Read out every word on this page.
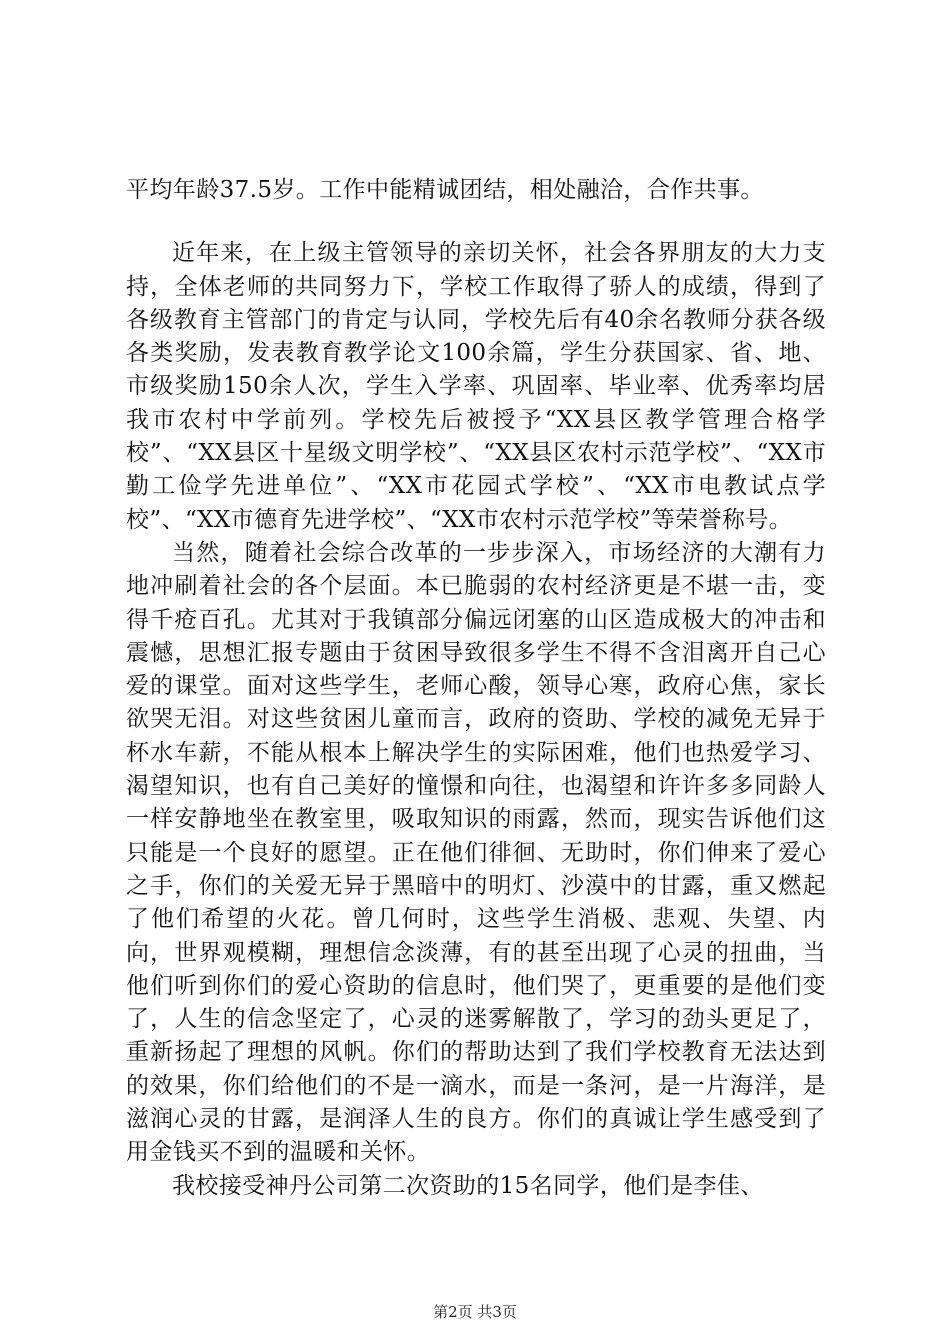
平均年龄37.5岁。工作中能精诚团结，相处融洽，合作共事。

近年来，在上级主管领导的亲切关怀，社会各界朋友的大力支持，全体老师的共同努力下，学校工作取得了骄人的成绩，得到了各级教育主管部门的肯定与认同，学校先后有40余名教师分获各级各类奖励，发表教育教学论文100余篇，学生分获国家、省、地、市级奖励150余人次，学生入学率、巩固率、毕业率、优秀率均居我市农村中学前列。学校先后被授予“XX县区教学管理合格学校”、“XX县区十星级文明学校”、“XX县区农村示范学校”、“XX市勤工俭学先进单位”、“XX市花园式学校”、“XX市电教试点学校”、“XX市德育先进学校”、“XX市农村示范学校”等荣誉称号。

当然，随着社会综合改革的一步步深入，市场经济的大潮有力地冲刷着社会的各个层面。本已脆弱的农村经济更是不堪一击，变得千疮百孔。尤其对于我镇部分偏远闭塞的山区造成极大的冲击和震憾，思想汇报专题由于贫困导致很多学生不得不含泪离开自己心爱的课堂。面对这些学生，老师心酸，领导心寒，政府心焦，家长欲哭无泪。对这些贫困儿童而言，政府的资助、学校的减免无异于杯水车薪，不能从根本上解决学生的实际困难，他们也热爱学习、渴望知识，也有自己美好的憧憬和向往，也渴望和许许多多同龄人一样安静地坐在教室里，吸取知识的雨露，然而，现实告诉他们这只能是一个良好的愿望。正在他们徘徊、无助时，你们伸来了爱心之手，你们的关爱无异于黑暗中的明灯、沙漠中的甘露，重又燃起了他们希望的火花。曾几何时，这些学生消极、悲观、失望、内向，世界观模糊，理想信念淡薄，有的甚至出现了心灵的扭曲，当他们听到你们的爱心资助的信息时，他们哭了，更重要的是他们变了，人生的信念坚定了，心灵的迷雾解散了，学习的劲头更足了，重新扬起了理想的风帆。你们的帮助达到了我们学校教育无法达到的效果，你们给他们的不是一滴水，而是一条河，是一片海洋，是滋润心灵的甘露，是润泽人生的良方。你们的真诚让学生感受到了用金钱买不到的温暖和关怀。

我校接受神丹公司第二次资助的15名同学，他们是李佳、

第2页 共3页
